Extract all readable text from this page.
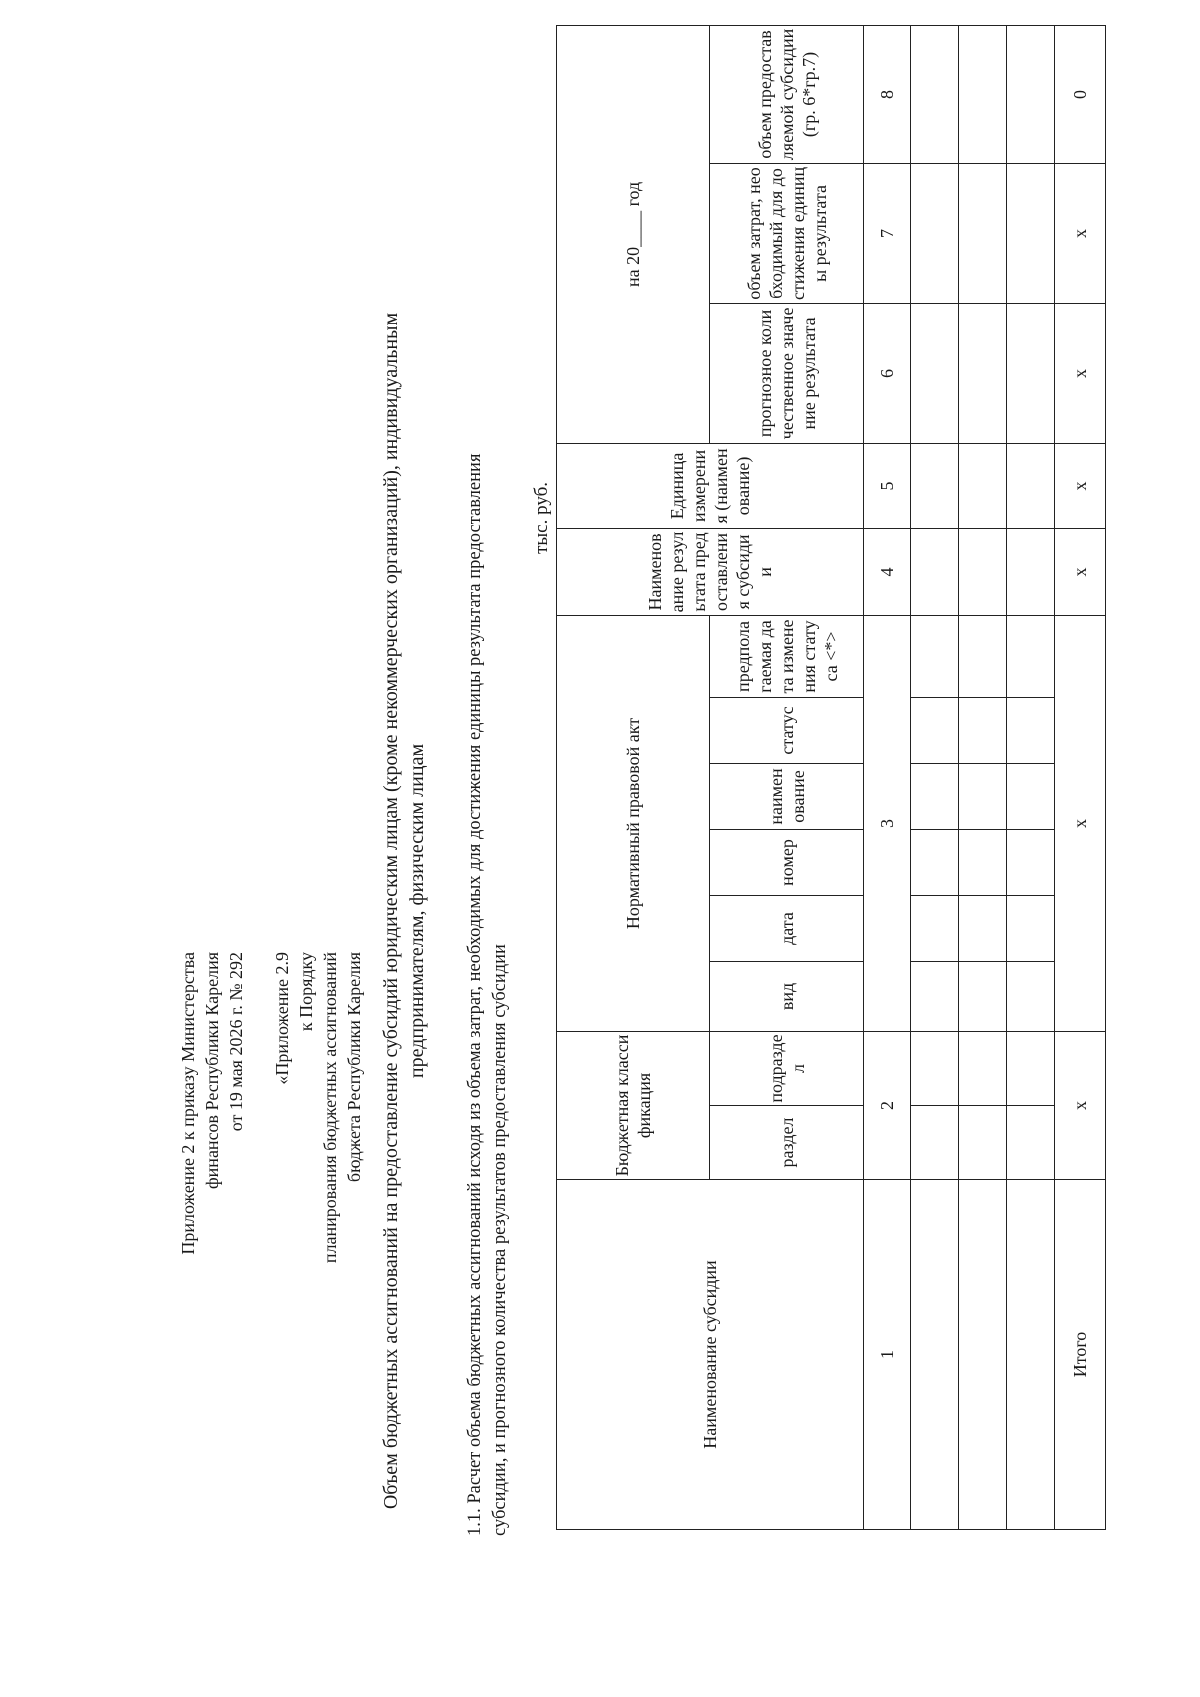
Приложение 2 к приказу Министерства финансов Республики Карелия от 19 мая 2026 г. № 292 «Приложение 2.9 к Порядку планирования бюджетных ассигнований бюджета Республики Карелия Объем бюджетных ассигнований на предоставление субсидий юридическим лицам (кроме некоммерческих организаций), индивидуальным предпринимателям, физическим лицам 1.1. Расчет объема бюджетных ассигнований исходя из объема затрат, необходимых для достижения единицы результата предоставления субсидии, и прогнозного количества результатов предоставления субсидии
тыс. руб.
Наименование субсидии	Бюджетная классификация		Нормативный правовой акт						Наименование результата предоставления субсидии	Единица измерения (наименование)	на 20____ год		
	раздел	подраздел	вид	дата	номер	наименование	статус	предполагаемая дата изменения статуса <*>			прогнозное количественное значение результата	объем затрат, необходимый для достижения единицы результата	объем предоставляемой субсидии (гр. 6*гр.7)
1	2		3						4	5	6	7	8

Итого	х		х						х	х	х	х	0
